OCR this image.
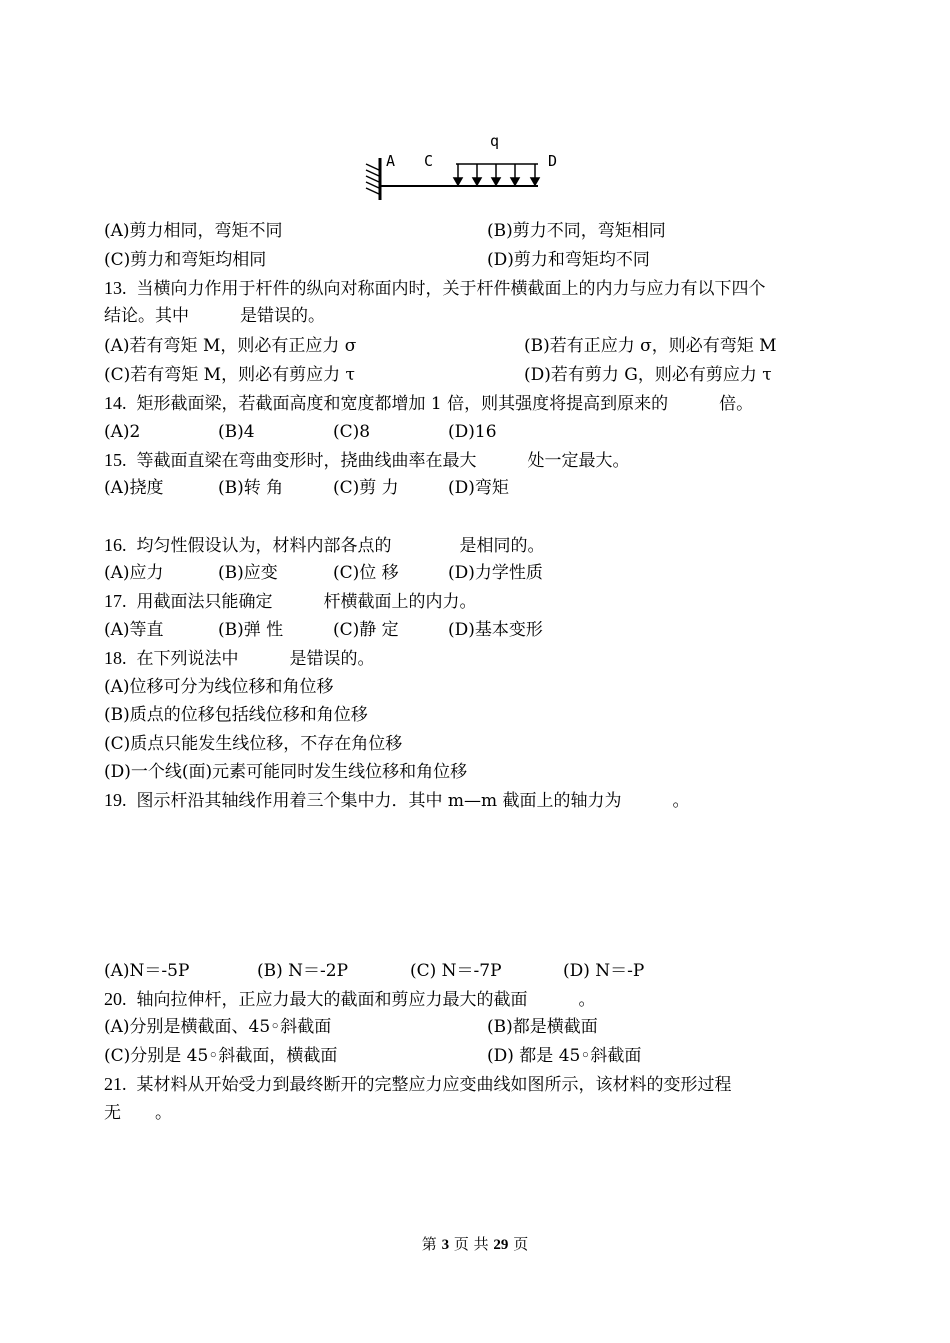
A C
q
D
(A)剪力相同，弯矩不同	(B)剪力不同，弯矩相同
(C)剪力和弯矩均相同	(D)剪力和弯矩均不同
13. 当横向力作用于杆件的纵向对称面内时，关于杆件横截面上的内力与应力有以下四个
结论。其中　　　是错误的。
(A)若有弯矩 M，则必有正应力 σ	(B)若有正应力 σ，则必有弯矩 M
(C)若有弯矩 M，则必有剪应力 τ	(D)若有剪力 G，则必有剪应力 τ
14. 矩形截面梁，若截面高度和宽度都增加 1 倍，则其强度将提高到原来的　　　倍。
(A)2	(B)4	(C)8	(D)16
15. 等截面直梁在弯曲变形时，挠曲线曲率在最大　　　处一定最大。
(A)挠度	(B)转 角	(C)剪 力	(D)弯矩
16. 均匀性假设认为，材料内部各点的　　　　是相同的。
(A)应力	(B)应变	(C)位 移	(D)力学性质
17. 用截面法只能确定　　　杆横截面上的内力。
(A)等直	(B)弹 性	(C)静 定	(D)基本变形
18. 在下列说法中　　　是错误的。
(A)位移可分为线位移和角位移
(B)质点的位移包括线位移和角位移
(C)质点只能发生线位移，不存在角位移
(D)一个线(面)元素可能同时发生线位移和角位移
19. 图示杆沿其轴线作用着三个集中力．其中 m—m 截面上的轴力为　　　。
(A)N＝-5P	(B) N＝-2P	(C) N＝-7P	(D) N＝-P
20. 轴向拉伸杆，正应力最大的截面和剪应力最大的截面　　　。
(A)分别是横截面、45◦斜截面	(B)都是横截面
(C)分别是 45◦斜截面，横截面	(D) 都是 45◦斜截面
21. 某材料从开始受力到最终断开的完整应力应变曲线如图所示，该材料的变形过程
无　　。
第 3 页 共 29 页
